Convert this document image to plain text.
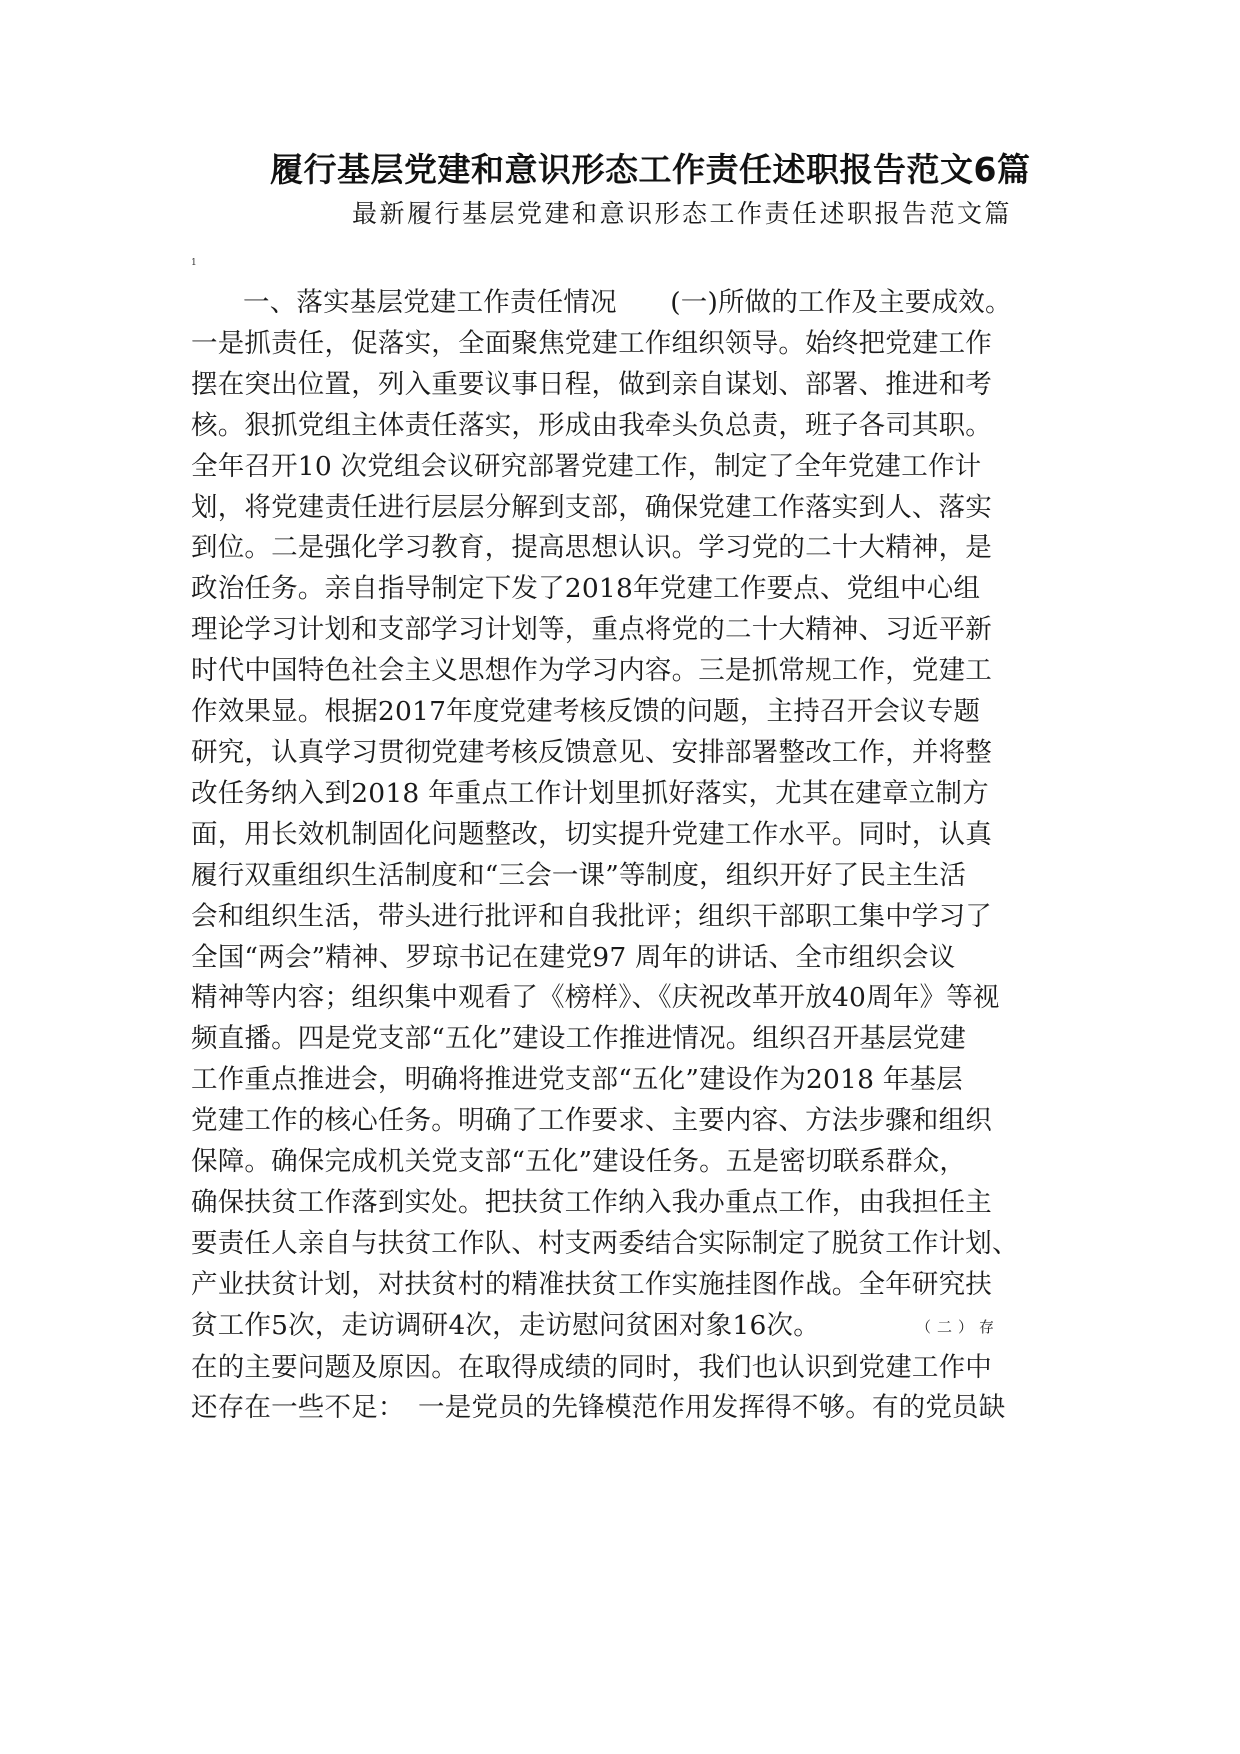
履行基层党建和意识形态工作责任述职报告范文6篇

最新履行基层党建和意识形态工作责任述职报告范文篇

1
一、落实基层党建工作责任情况　　(一)所做的工作及主要成效。
一是抓责任，促落实，全面聚焦党建工作组织领导。始终把党建工作
摆在突出位置，列入重要议事日程，做到亲自谋划、部署、推进和考
核。狠抓党组主体责任落实，形成由我牵头负总责，班子各司其职。
全年召开10 次党组会议研究部署党建工作，制定了全年党建工作计
划，将党建责任进行层层分解到支部，确保党建工作落实到人、落实
到位。二是强化学习教育，提高思想认识。学习党的二十大精神，是
政治任务。亲自指导制定下发了2018年党建工作要点、党组中心组
理论学习计划和支部学习计划等，重点将党的二十大精神、习近平新
时代中国特色社会主义思想作为学习内容。三是抓常规工作，党建工
作效果显。根据2017年度党建考核反馈的问题，主持召开会议专题
研究，认真学习贯彻党建考核反馈意见、安排部署整改工作，并将整
改任务纳入到2018 年重点工作计划里抓好落实，尤其在建章立制方
面，用长效机制固化问题整改，切实提升党建工作水平。同时，认真
履行双重组织生活制度和“三会一课”等制度，组织开好了民主生活
会和组织生活，带头进行批评和自我批评；组织干部职工集中学习了
全国“两会”精神、罗琼书记在建党97 周年的讲话、全市组织会议
精神等内容；组织集中观看了《榜样》、《庆祝改革开放40周年》等视
频直播。四是党支部“五化”建设工作推进情况。组织召开基层党建
工作重点推进会，明确将推进党支部“五化”建设作为2018 年基层
党建工作的核心任务。明确了工作要求、主要内容、方法步骤和组织
保障。确保完成机关党支部“五化”建设任务。五是密切联系群众，
确保扶贫工作落到实处。把扶贫工作纳入我办重点工作，由我担任主
要责任人亲自与扶贫工作队、村支两委结合实际制定了脱贫工作计划、
产业扶贫计划，对扶贫村的精准扶贫工作实施挂图作战。全年研究扶
贫工作5次，走访调研4次，走访慰问贫困对象16次。	（二）存
在的主要问题及原因。在取得成绩的同时，我们也认识到党建工作中
还存在一些不足：　一是党员的先锋模范作用发挥得不够。有的党员缺
